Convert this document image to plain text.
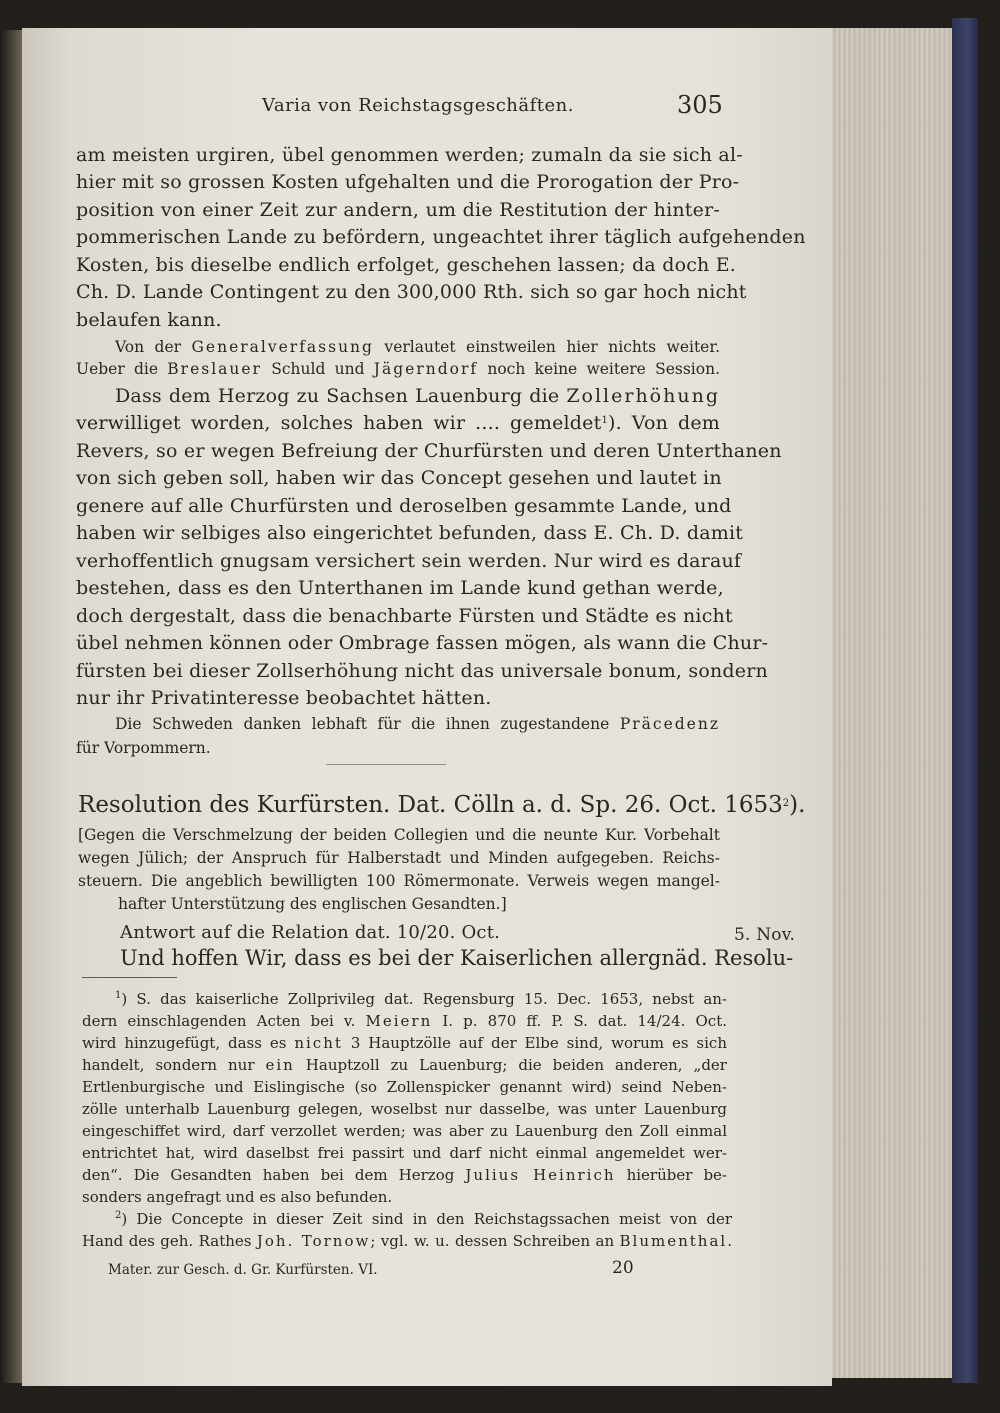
Varia von Reichstagsgeschäften.	305
am meisten urgiren, übel genommen werden; zumaln da sie sich al-
hier mit so grossen Kosten ufgehalten und die Prorogation der Pro-
position von einer Zeit zur andern, um die Restitution der hinter-
pommerischen Lande zu befördern, ungeachtet ihrer täglich aufgehenden
Kosten, bis dieselbe endlich erfolget, geschehen lassen; da doch E.
Ch. D. Lande Contingent zu den 300,000 Rth. sich so gar hoch nicht
belaufen kann.
Von der Generalverfassung verlautet einstweilen hier nichts weiter.
Ueber die Breslauer Schuld und Jägerndorf noch keine weitere Session.
Dass dem Herzog zu Sachsen Lauenburg die Zollerhöhung
verwilliget worden, solches haben wir .... gemeldet$^1$). Von dem
Revers, so er wegen Befreiung der Churfürsten und deren Unterthanen
von sich geben soll, haben wir das Concept gesehen und lautet in
genere auf alle Churfürsten und deroselben gesammte Lande, und
haben wir selbiges also eingerichtet befunden, dass E. Ch. D. damit
verhoffentlich gnugsam versichert sein werden. Nur wird es darauf
bestehen, dass es den Unterthanen im Lande kund gethan werde,
doch dergestalt, dass die benachbarte Fürsten und Städte es nicht
übel nehmen können oder Ombrage fassen mögen, als wann die Chur-
fürsten bei dieser Zollserhöhung nicht das universale bonum, sondern
nur ihr Privatinteresse beobachtet hätten.
Die Schweden danken lebhaft für die ihnen zugestandene Präcedenz
für Vorpommern.
Resolution des Kurfürsten. Dat. Cölln a. d. Sp. 26. Oct. 1653$^2$).
[Gegen die Verschmelzung der beiden Collegien und die neunte Kur. Vorbehalt
wegen Jülich; der Anspruch für Halberstadt und Minden aufgegeben. Reichs-
steuern. Die angeblich bewilligten 100 Römermonate. Verweis wegen mangel-
hafter Unterstützung des englischen Gesandten.]
Antwort auf die Relation dat. 10/20. Oct.	5. Nov.
Und hoffen Wir, dass es bei der Kaiserlichen allergnäd. Resolu-
$^1$) S. das kaiserliche Zollprivileg dat. Regensburg 15. Dec. 1653, nebst an-
dern einschlagenden Acten bei v. Meiern I. p. 870 ff. P. S. dat. 14/24. Oct.
wird hinzugefügt, dass es nicht 3 Hauptzölle auf der Elbe sind, worum es sich
handelt, sondern nur ein Hauptzoll zu Lauenburg; die beiden anderen, „der
Ertlenburgische und Eislingische (so Zollenspicker genannt wird) seind Neben-
zölle unterhalb Lauenburg gelegen, woselbst nur dasselbe, was unter Lauenburg
eingeschiffet wird, darf verzollet werden; was aber zu Lauenburg den Zoll einmal
entrichtet hat, wird daselbst frei passirt und darf nicht einmal angemeldet wer-
den“. Die Gesandten haben bei dem Herzog Julius Heinrich hierüber be-
sonders angefragt und es also befunden.
$^2$) Die Concepte in dieser Zeit sind in den Reichstagssachen meist von der
Hand des geh. Rathes Joh. Tornow; vgl. w. u. dessen Schreiben an Blumenthal.
Mater. zur Gesch. d. Gr. Kurfürsten. VI.	20
